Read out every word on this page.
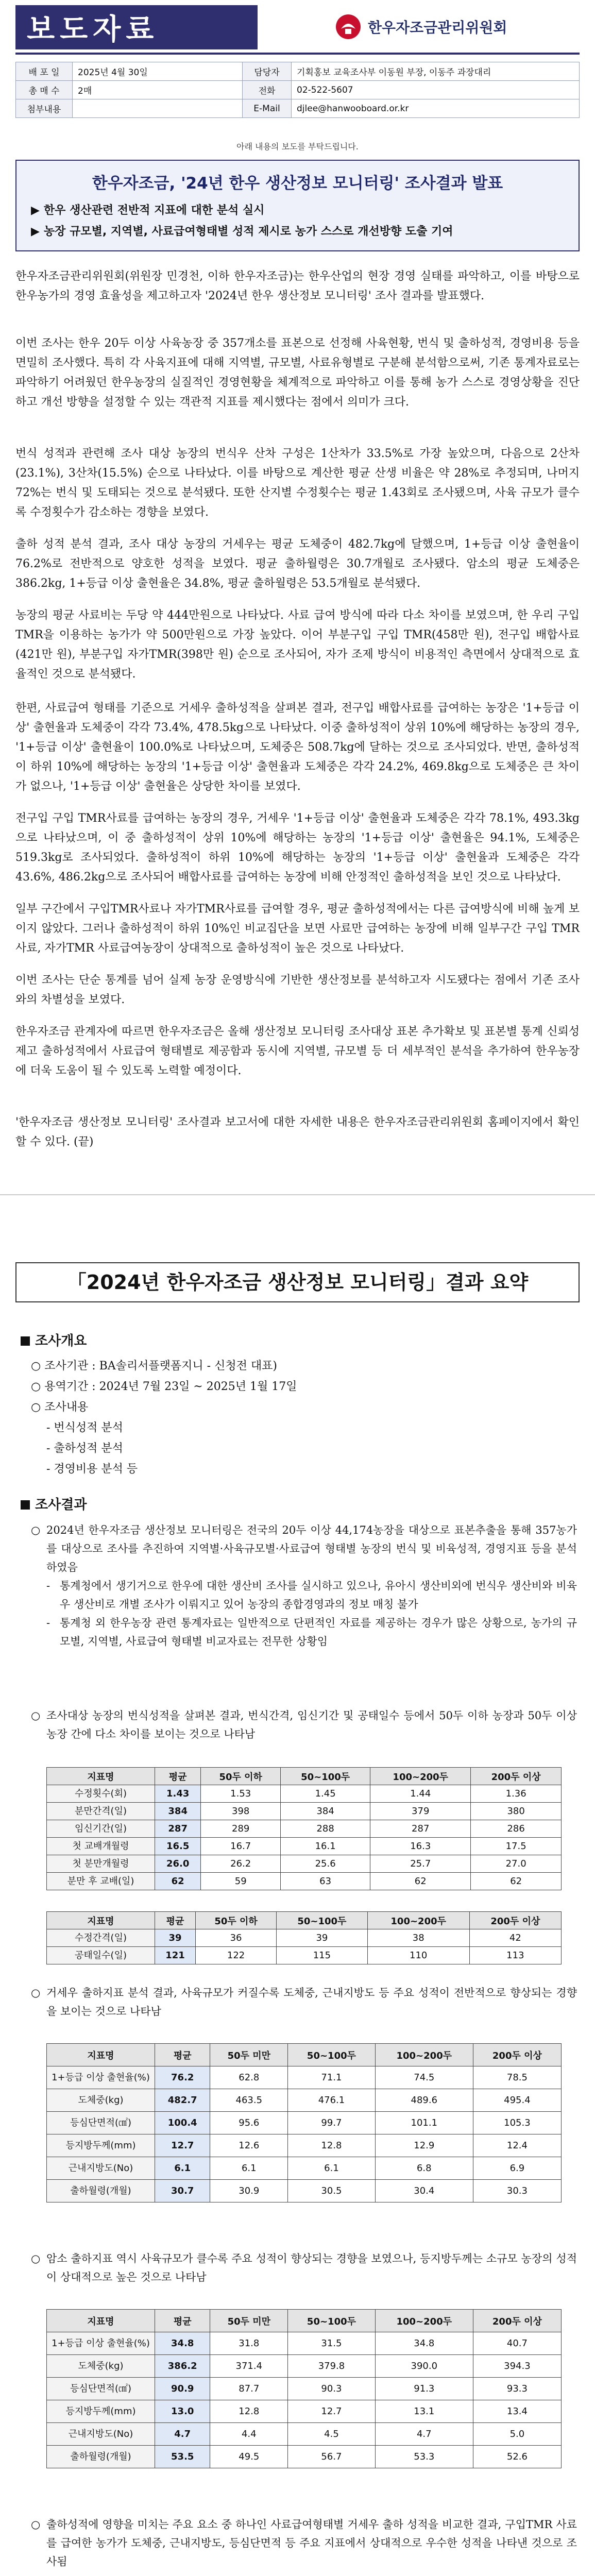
보도자료	한우자조금관리위원회
배 포 일	2025년 4월 30일	담당자	기획홍보 교육조사부 이동원 부장, 이동주 과장대리
총 매 수	2매	전화	02-522-5607
첨부내용		E-Mail	djlee@hanwooboard.or.kr
아래 내용의 보도를 부탁드립니다.
한우자조금, '24년 한우 생산정보 모니터링' 조사결과 발표
▶ 한우 생산관련 전반적 지표에 대한 분석 실시
▶ 농장 규모별, 지역별, 사료급여형태별 성적 제시로 농가 스스로 개선방향 도출 기여
한우자조금관리위원회(위원장 민경천, 이하 한우자조금)는 한우산업의 현장 경영 실태를 파악하고, 이를 바탕으로 한우농가의 경영 효율성을 제고하고자 '2024년 한우 생산정보 모니터링' 조사 결과를 발표했다.
이번 조사는 한우 20두 이상 사육농장 중 357개소를 표본으로 선정해 사육현황, 번식 및 출하성적, 경영비용 등을 면밀히 조사했다. 특히 각 사육지표에 대해 지역별, 규모별, 사료유형별로 구분해 분석함으로써, 기존 통계자료로는 파악하기 어려웠던 한우농장의 실질적인 경영현황을 체계적으로 파악하고 이를 통해 농가 스스로 경영상황을 진단하고 개선 방향을 설정할 수 있는 객관적 지표를 제시했다는 점에서 의미가 크다.
번식 성적과 관련해 조사 대상 농장의 번식우 산차 구성은 1산차가 33.5%로 가장 높았으며, 다음으로 2산차(23.1%), 3산차(15.5%) 순으로 나타났다. 이를 바탕으로 계산한 평균 산생 비율은 약 28%로 추정되며, 나머지 72%는 번식 및 도태되는 것으로 분석됐다. 또한 산지별 수정횟수는 평균 1.43회로 조사됐으며, 사육 규모가 클수록 수정횟수가 감소하는 경향을 보였다.
출하 성적 분석 결과, 조사 대상 농장의 거세우는 평균 도체중이 482.7kg에 달했으며, 1+등급 이상 출현율이 76.2%로 전반적으로 양호한 성적을 보였다. 평균 출하월령은 30.7개월로 조사됐다. 암소의 평균 도체중은 386.2kg, 1+등급 이상 출현율은 34.8%, 평균 출하월령은 53.5개월로 분석됐다.
농장의 평균 사료비는 두당 약 444만원으로 나타났다. 사료 급여 방식에 따라 다소 차이를 보였으며, 한 우리 구입 TMR을 이용하는 농가가 약 500만원으로 가장 높았다. 이어 부분구입 구입 TMR(458만 원), 전구입 배합사료(421만 원), 부분구입 자가TMR(398만 원) 순으로 조사되어, 자가 조제 방식이 비용적인 측면에서 상대적으로 효율적인 것으로 분석됐다.
한편, 사료급여 형태를 기준으로 거세우 출하성적을 살펴본 결과, 전구입 배합사료를 급여하는 농장은 '1+등급 이상' 출현율과 도체중이 각각 73.4%, 478.5kg으로 나타났다. 이중 출하성적이 상위 10%에 해당하는 농장의 경우, '1+등급 이상' 출현율이 100.0%로 나타났으며, 도체중은 508.7kg에 달하는 것으로 조사되었다. 반면, 출하성적이 하위 10%에 해당하는 농장의 '1+등급 이상' 출현율과 도체중은 각각 24.2%, 469.8kg으로 도체중은 큰 차이가 없으나, '1+등급 이상' 출현율은 상당한 차이를 보였다.
전구입 구입 TMR사료를 급여하는 농장의 경우, 거세우 '1+등급 이상' 출현율과 도체중은 각각 78.1%, 493.3kg으로 나타났으며, 이 중 출하성적이 상위 10%에 해당하는 농장의 '1+등급 이상' 출현율은 94.1%, 도체중은 519.3kg로 조사되었다. 출하성적이 하위 10%에 해당하는 농장의 '1+등급 이상' 출현율과 도체중은 각각 43.6%, 486.2kg으로 조사되어 배합사료를 급여하는 농장에 비해 안정적인 출하성적을 보인 것으로 나타났다.
일부 구간에서 구입TMR사료나 자가TMR사료를 급여할 경우, 평균 출하성적에서는 다른 급여방식에 비해 높게 보이지 않았다. 그러나 출하성적이 하위 10%인 비교집단을 보면 사료만 급여하는 농장에 비해 일부구간 구입 TMR사료, 자가TMR 사료급여농장이 상대적으로 출하성적이 높은 것으로 나타났다.
이번 조사는 단순 통계를 넘어 실제 농장 운영방식에 기반한 생산정보를 분석하고자 시도됐다는 점에서 기존 조사와의 차별성을 보였다.
한우자조금 관계자에 따르면 한우자조금은 올해 생산정보 모니터링 조사대상 표본 추가확보 및 표본별 통계 신뢰성제고 출하성적에서 사료급여 형태별로 제공함과 동시에 지역별, 규모별 등 더 세부적인 분석을 추가하여 한우농장에 더욱 도움이 될 수 있도록 노력할 예정이다.
'한우자조금 생산정보 모니터링' 조사결과 보고서에 대한 자세한 내용은 한우자조금관리위원회 홈페이지에서 확인할 수 있다. (끝)
「2024년 한우자조금 생산정보 모니터링」결과 요약
조사개요
○ 조사기관 : BA솔리서플랫폼지니 - 신청전 대표)
○ 용역기간 : 2024년 7월 23일 ~ 2025년 1월 17일
○ 조사내용
- 번식성적 분석
- 출하성적 분석
- 경영비용 분석 등
조사결과
○ 2024년 한우자조금 생산정보 모니터링은 전국의 20두 이상 44,174농장을 대상으로 표본추출을 통해 357농가를 대상으로 조사를 추진하여 지역별·사육규모별·사료급여 형태별 농장의 번식 및 비육성적, 경영지표 등을 분석하였음
- 통계청에서 생기거으로 한우에 대한 생산비 조사를 실시하고 있으나, 유아시 생산비외에 번식우 생산비와 비육우 생산비로 개별 조사가 이뤄지고 있어 농장의 종합경영과의 정보 매칭 불가
- 통계청 외 한우농장 관련 통계자료는 일반적으로 단편적인 자료를 제공하는 경우가 많은 상황으로, 농가의 규모별, 지역별, 사료급여 형태별 비교자료는 전무한 상황임
○ 조사대상 농장의 번식성적을 살펴본 결과, 번식간격, 임신기간 및 공태일수 등에서 50두 이하 농장과 50두 이상 농장 간에 다소 차이를 보이는 것으로 나타남
지표명	평균	50두 이하	50~100두	100~200두	200두 이상
수정횟수(회)	1.43	1.53	1.45	1.44	1.36
분만간격(일)	384	398	384	379	380
임신기간(일)	287	289	288	287	286
첫 교배개월령	16.5	16.7	16.1	16.3	17.5
첫 분만개월령	26.0	26.2	25.6	25.7	27.0
분만 후 교배(일)	62	59	63	62	62
지표명	평균	50두 이하	50~100두	100~200두	200두 이상
수정간격(일)	39	36	39	38	42
공태일수(일)	121	122	115	110	113
○ 거세우 출하지표 분석 결과, 사육규모가 커질수록 도체중, 근내지방도 등 주요 성적이 전반적으로 향상되는 경향을 보이는 것으로 나타남
지표명	평균	50두 미만	50~100두	100~200두	200두 이상
1+등급 이상 출현율(%)	76.2	62.8	71.1	74.5	78.5
도체중(kg)	482.7	463.5	476.1	489.6	495.4
등심단면적(㎠)	100.4	95.6	99.7	101.1	105.3
등지방두께(mm)	12.7	12.6	12.8	12.9	12.4
근내지방도(No)	6.1	6.1	6.1	6.8	6.9
출하월령(개월)	30.7	30.9	30.5	30.4	30.3
○ 암소 출하지표 역시 사육규모가 클수록 주요 성적이 향상되는 경향을 보였으나, 등지방두께는 소규모 농장의 성적이 상대적으로 높은 것으로 나타남
지표명	평균	50두 미만	50~100두	100~200두	200두 이상
1+등급 이상 출현율(%)	34.8	31.8	31.5	34.8	40.7
도체중(kg)	386.2	371.4	379.8	390.0	394.3
등심단면적(㎠)	90.9	87.7	90.3	91.3	93.3
등지방두께(mm)	13.0	12.8	12.7	13.1	13.4
근내지방도(No)	4.7	4.4	4.5	4.7	5.0
출하월령(개월)	53.5	49.5	56.7	53.3	52.6
○ 출하성적에 영향을 미치는 주요 요소 중 하나인 사료급여형태별 거세우 출하 성적을 비교한 결과, 구입TMR 사료를 급여한 농가가 도체중, 근내지방도, 등심단면적 등 주요 지표에서 상대적으로 우수한 성적을 나타낸 것으로 조사됨
